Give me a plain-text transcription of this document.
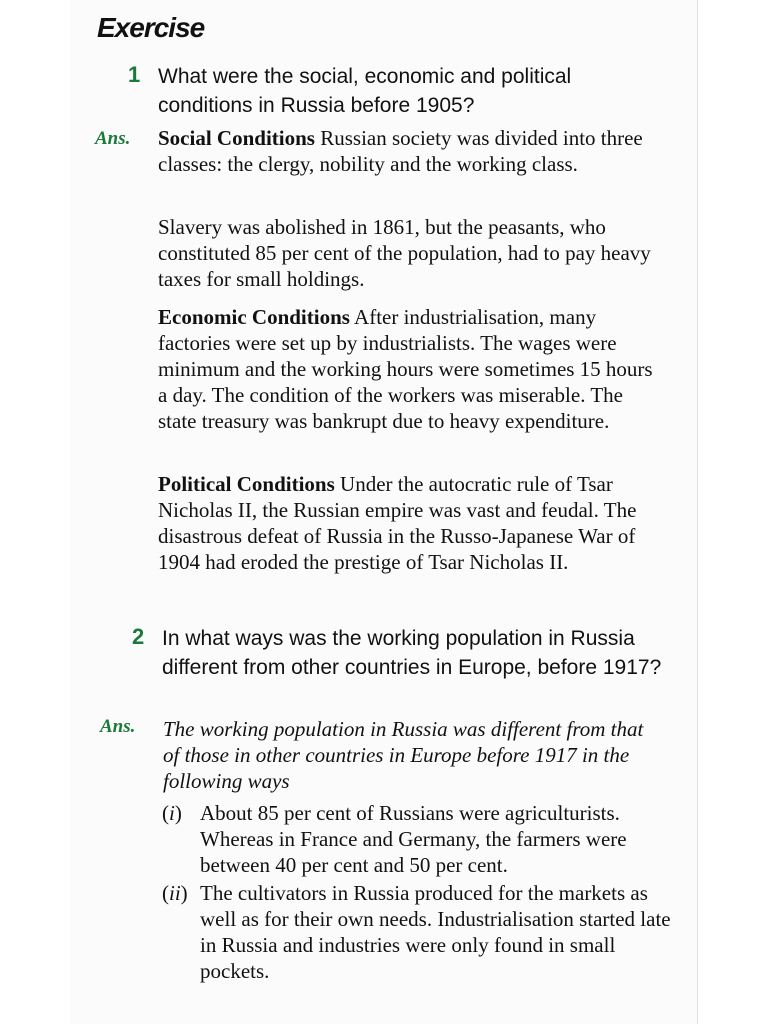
Exercise
1 What were the social, economic and political conditions in Russia before 1905?
Ans. Social Conditions Russian society was divided into three classes: the clergy, nobility and the working class.
Slavery was abolished in 1861, but the peasants, who constituted 85 per cent of the population, had to pay heavy taxes for small holdings.
Economic Conditions After industrialisation, many factories were set up by industrialists. The wages were minimum and the working hours were sometimes 15 hours a day. The condition of the workers was miserable. The state treasury was bankrupt due to heavy expenditure.
Political Conditions Under the autocratic rule of Tsar Nicholas II, the Russian empire was vast and feudal. The disastrous defeat of Russia in the Russo-Japanese War of 1904 had eroded the prestige of Tsar Nicholas II.
2 In what ways was the working population in Russia different from other countries in Europe, before 1917?
Ans. The working population in Russia was different from that of those in other countries in Europe before 1917 in the following ways
(i) About 85 per cent of Russians were agriculturists. Whereas in France and Germany, the farmers were between 40 per cent and 50 per cent.
(ii) The cultivators in Russia produced for the markets as well as for their own needs. Industrialisation started late in Russia and industries were only found in small pockets.
